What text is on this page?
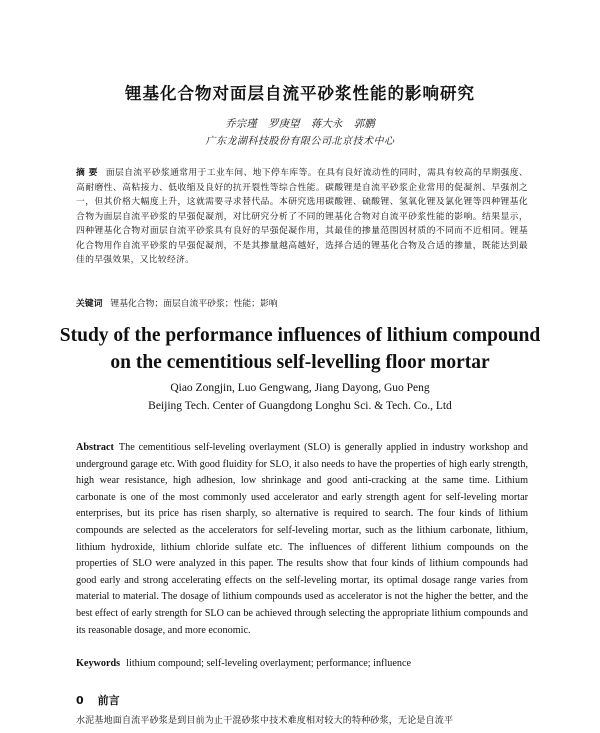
锂基化合物对面层自流平砂浆性能的影响研究
乔宗瑾 罗庚望 蒋大永 郭鹏
广东龙湖科技股份有限公司北京技术中心
摘 要 面层自流平砂浆通常用于工业车间、地下停车库等。在具有良好流动性的同时，需具有较高的早期强度、高耐磨性、高粘接力、低收缩及良好的抗开裂性等综合性能。碳酸锂是自流平砂浆企业常用的促凝剂、早强剂之一，但其价格大幅度上升，这就需要寻求替代品。本研究选用碳酸锂、硫酸锂、氢氧化锂及氯化锂等四种锂基化合物为面层自流平砂浆的早强促凝剂，对比研究分析了不同的锂基化合物对自流平砂浆性能的影响。结果显示，四种锂基化合物对面层自流平砂浆具有良好的早强促凝作用，其最佳的掺量范围因材质的不同而不近相同。锂基化合物用作自流平砂浆的早强促凝剂，不是其掺量越高越好，选择合适的锂基化合物及合适的掺量，既能达到最佳的早强效果，又比较经济。
关键词 锂基化合物；面层自流平砂浆；性能；影响
Study of the performance influences of lithium compound
on the cementitious self-levelling floor mortar
Qiao Zongjin, Luo Gengwang, Jiang Dayong, Guo Peng
Beijing Tech. Center of Guangdong Longhu Sci. & Tech. Co., Ltd
Abstract The cementitious self-leveling overlayment (SLO) is generally applied in industry workshop and underground garage etc. With good fluidity for SLO, it also needs to have the properties of high early strength, high wear resistance, high adhesion, low shrinkage and good anti-cracking at the same time. Lithium carbonate is one of the most commonly used accelerator and early strength agent for self-leveling mortar enterprises, but its price has risen sharply, so alternative is required to search. The four kinds of lithium compounds are selected as the accelerators for self-leveling mortar, such as the lithium carbonate, lithium, lithium hydroxide, lithium chloride sulfate etc. The influences of different lithium compounds on the properties of SLO were analyzed in this paper. The results show that four kinds of lithium compounds had good early and strong accelerating effects on the self-leveling mortar, its optimal dosage range varies from material to material. The dosage of lithium compounds used as accelerator is not the higher the better, and the best effect of early strength for SLO can be achieved through selecting the appropriate lithium compounds and its reasonable dosage, and more economic.
Keywords lithium compound; self-leveling overlayment; performance; influence
0 前言
水泥基地面自流平砂浆是到目前为止干混砂浆中技术难度相对较大的特种砂浆，无论是自流平
